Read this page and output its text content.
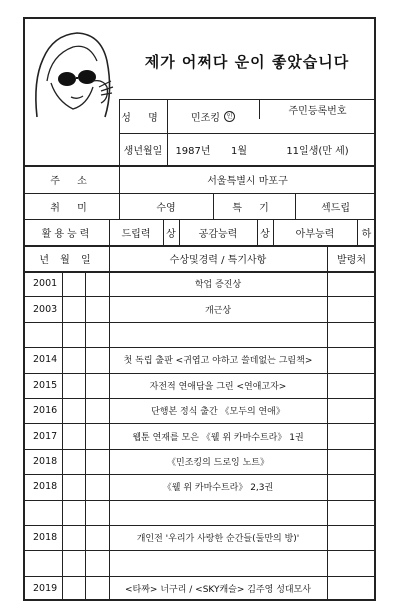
제가 어쩌다 운이 좋았습니다
성 명	민조킹	인	주민등록번호
생년월일	1987년	1월	11일생(만 세)
주 소	서울특별시 마포구
취 미	수영	특 기	섹드립
활용능력	드립력	상	공감능력	상	아부능력	하
년 월 일	수상및경력 / 특기사항	발령처
2001	학업 증진상
2003	개근상
2014	첫 독립 출판 <귀엽고 야하고 쓸데없는 그림책>
2015	자전적 연애담을 그린 <연애고자>
2016	단행본 정식 출간 《모두의 연애》
2017	웹툰 연재를 모은 《웰 위 카마수트라》 1권
2018	《민조킹의 드로잉 노트》
2018	《웰 위 카마수트라》 2,3권
2018	개인전 '우리가 사랑한 순간들(둘만의 방)'
2019	<타짜> 너구리 / <SKY캐슬> 김주영 성대모사
